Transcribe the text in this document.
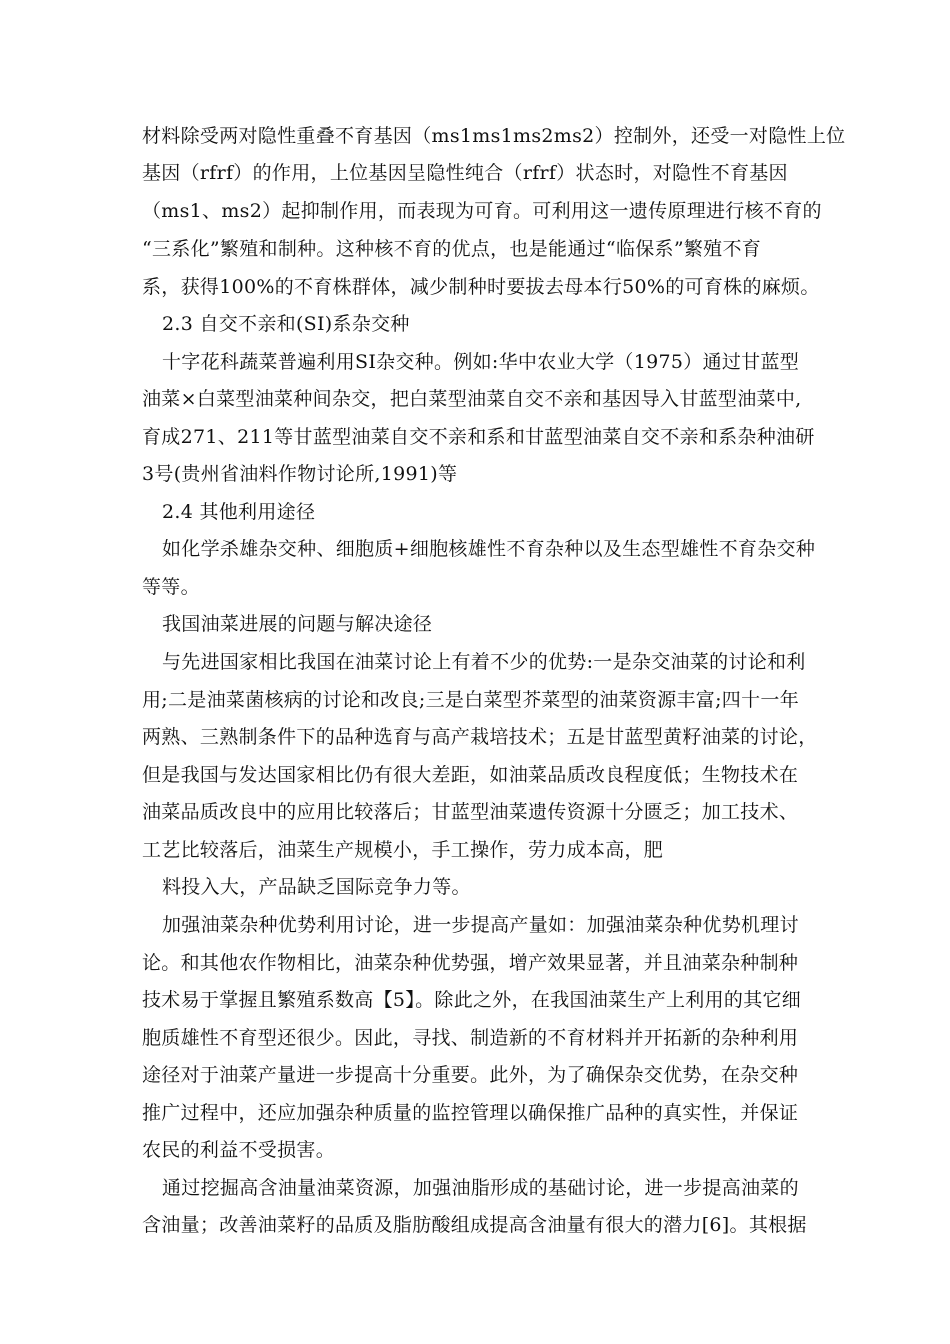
材料除受两对隐性重叠不育基因（ms1ms1ms2ms2）控制外，还受一对隐性上位
基因（rfrf）的作用，上位基因呈隐性纯合（rfrf）状态时，对隐性不育基因
（ms1、ms2）起抑制作用，而表现为可育。可利用这一遗传原理进行核不育的
“三系化”繁殖和制种。这种核不育的优点，也是能通过“临保系”繁殖不育
系，获得100%的不育株群体，减少制种时要拔去母本行50%的可育株的麻烦。
2.3 自交不亲和(SI)系杂交种
十字花科蔬菜普遍利用SI杂交种。例如:华中农业大学（1975）通过甘蓝型
油菜×白菜型油菜种间杂交，把白菜型油菜自交不亲和基因导入甘蓝型油菜中,
育成271、211等甘蓝型油菜自交不亲和系和甘蓝型油菜自交不亲和系杂种油研
3号(贵州省油料作物讨论所,1991)等
2.4 其他利用途径
如化学杀雄杂交种、细胞质+细胞核雄性不育杂种以及生态型雄性不育杂交种
等等。
我国油菜进展的问题与解决途径
与先进国家相比我国在油菜讨论上有着不少的优势:一是杂交油菜的讨论和利
用;二是油菜菌核病的讨论和改良;三是白菜型芥菜型的油菜资源丰富;四十一年
两熟、三熟制条件下的品种选育与高产栽培技术；五是甘蓝型黄籽油菜的讨论，
但是我国与发达国家相比仍有很大差距，如油菜品质改良程度低；生物技术在
油菜品质改良中的应用比较落后；甘蓝型油菜遗传资源十分匮乏；加工技术、
工艺比较落后，油菜生产规模小，手工操作，劳力成本高，肥
料投入大，产品缺乏国际竞争力等。
加强油菜杂种优势利用讨论，进一步提高产量如：加强油菜杂种优势机理讨
论。和其他农作物相比，油菜杂种优势强，增产效果显著，并且油菜杂种制种
技术易于掌握且繁殖系数高【5】。除此之外，在我国油菜生产上利用的其它细
胞质雄性不育型还很少。因此，寻找、制造新的不育材料并开拓新的杂种利用
途径对于油菜产量进一步提高十分重要。此外，为了确保杂交优势，在杂交种
推广过程中，还应加强杂种质量的监控管理以确保推广品种的真实性，并保证
农民的利益不受损害。
通过挖掘高含油量油菜资源，加强油脂形成的基础讨论，进一步提高油菜的
含油量；改善油菜籽的品质及脂肪酸组成提高含油量有很大的潜力[6]。其根据
